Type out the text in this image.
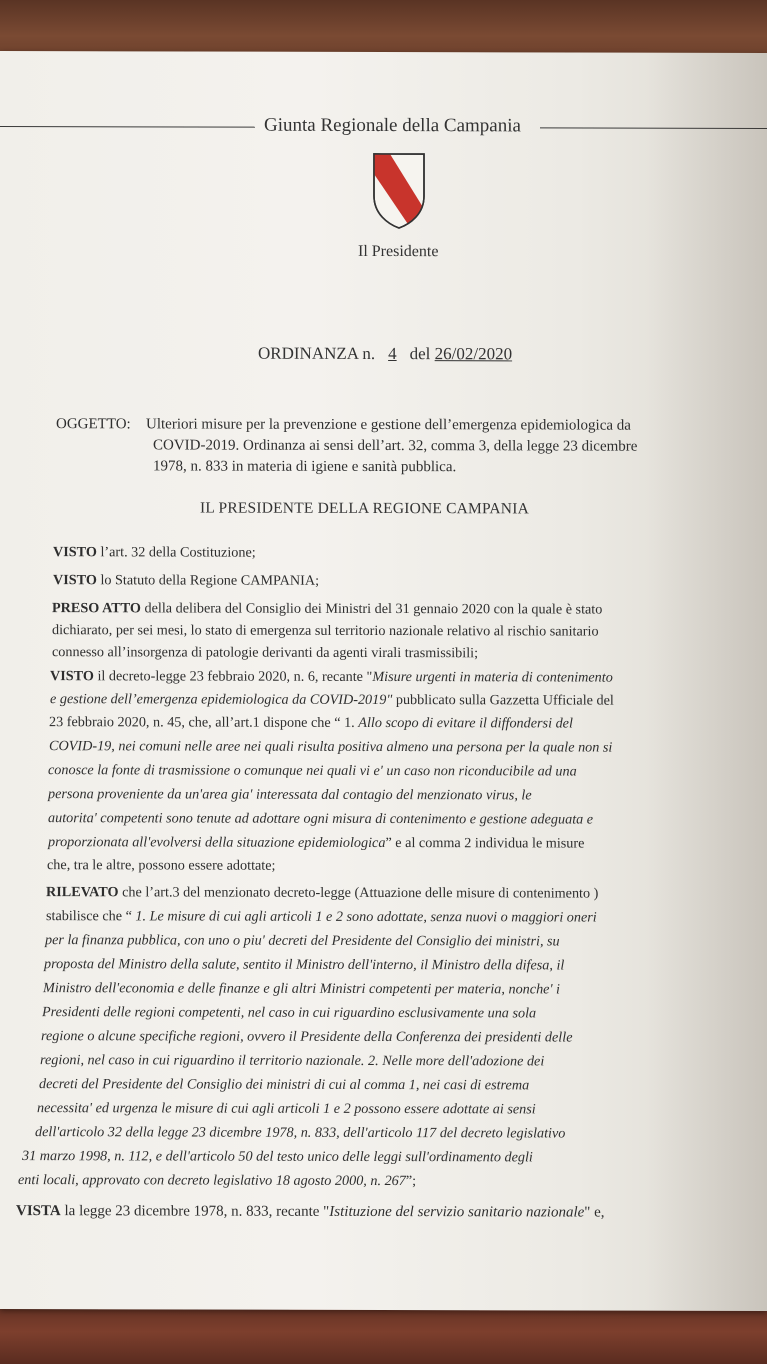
Giunta Regionale della Campania
Il Presidente
ORDINANZA n. 4 del 26/02/2020
OGGETTO: Ulteriori misure per la prevenzione e gestione dell’emergenza epidemiologica da
COVID-2019. Ordinanza ai sensi dell’art. 32, comma 3, della legge 23 dicembre
1978, n. 833 in materia di igiene e sanità pubblica.
IL PRESIDENTE DELLA REGIONE CAMPANIA
VISTO l’art. 32 della Costituzione;
VISTO lo Statuto della Regione CAMPANIA;
PRESO ATTO della delibera del Consiglio dei Ministri del 31 gennaio 2020 con la quale è stato
dichiarato, per sei mesi, lo stato di emergenza sul territorio nazionale relativo al rischio sanitario
connesso all’insorgenza di patologie derivanti da agenti virali trasmissibili;
VISTO il decreto-legge 23 febbraio 2020, n. 6, recante "Misure urgenti in materia di contenimento
e gestione dell’emergenza epidemiologica da COVID-2019" pubblicato sulla Gazzetta Ufficiale del
23 febbraio 2020, n. 45, che, all’art.1 dispone che “ 1. Allo scopo di evitare il diffondersi del
COVID-19, nei comuni nelle aree nei quali risulta positiva almeno una persona per la quale non si
conosce la fonte di trasmissione o comunque nei quali vi e' un caso non riconducibile ad una
persona proveniente da un'area gia' interessata dal contagio del menzionato virus, le
autorita' competenti sono tenute ad adottare ogni misura di contenimento e gestione adeguata e
proporzionata all'evolversi della situazione epidemiologica” e al comma 2 individua le misure
che, tra le altre, possono essere adottate;
RILEVATO che l’art.3 del menzionato decreto-legge (Attuazione delle misure di contenimento )
stabilisce che “ 1. Le misure di cui agli articoli 1 e 2 sono adottate, senza nuovi o maggiori oneri
per la finanza pubblica, con uno o piu' decreti del Presidente del Consiglio dei ministri, su
proposta del Ministro della salute, sentito il Ministro dell'interno, il Ministro della difesa, il
Ministro dell'economia e delle finanze e gli altri Ministri competenti per materia, nonche' i
Presidenti delle regioni competenti, nel caso in cui riguardino esclusivamente una sola
regione o alcune specifiche regioni, ovvero il Presidente della Conferenza dei presidenti delle
regioni, nel caso in cui riguardino il territorio nazionale. 2. Nelle more dell'adozione dei
decreti del Presidente del Consiglio dei ministri di cui al comma 1, nei casi di estrema
necessita' ed urgenza le misure di cui agli articoli 1 e 2 possono essere adottate ai sensi
dell'articolo 32 della legge 23 dicembre 1978, n. 833, dell'articolo 117 del decreto legislativo
31 marzo 1998, n. 112, e dell'articolo 50 del testo unico delle leggi sull'ordinamento degli
enti locali, approvato con decreto legislativo 18 agosto 2000, n. 267”;
VISTA la legge 23 dicembre 1978, n. 833, recante "Istituzione del servizio sanitario nazionale" e,
